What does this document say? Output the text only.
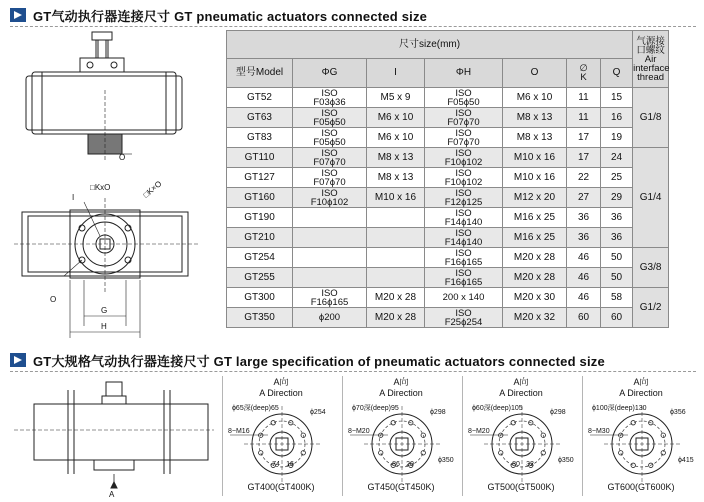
GT气动执行器连接尺寸 GT pneumatic actuators connected size
O
□KxO	□K×O
I
O
G
H
尺寸size(mm)							气源接
口螺纹
Air
interface
thread

型号Model	ΦG	I	ΦH	O	∅
K	Q	
GT52	ISO
F03ϕ36	M5 x 9	ISO
F05ϕ50	M6 x 10	11	15	G1/8
GT63	ISO
F05ϕ50	M6 x 10	ISO
F07ϕ70	M8 x 13	11	16	
GT83	ISO
F05ϕ50	M6 x 10	ISO
F07ϕ70	M8 x 13	17	19	
GT110	ISO
F07ϕ70	M8 x 13	ISO
F10ϕ102	M10 x 16	17	24	G1/4
GT127	ISO
F07ϕ70	M8 x 13	ISO
F10ϕ102	M10 x 16	22	25	
GT160	ISO
F10ϕ102	M10 x 16	ISO
F12ϕ125	M12 x 20	27	29	
GT190			ISO
F14ϕ140	M16 x 25	36	36	
GT210			ISO
F14ϕ140	M16 x 25	36	36	
GT254			ISO
F16ϕ165	M20 x 28	46	50	G3/8
GT255			ISO
F16ϕ165	M20 x 28	46	50	
GT300	ISO
F16ϕ165	M20 x 28	200 x 140	M20 x 30	46	58	G1/2
GT350	ϕ200	M20 x 28	ISO
F25ϕ254	M20 x 32	60	60	
GT大规格气动执行器连接尺寸 GT large specification of pneumatic actuators connected size
A
A向
A Direction
GT400(GT400K)
ϕ65深(deep)65
ϕ254
8−M16
74 16
A向
A Direction
GT450(GT450K)
ϕ70深(deep)95
ϕ298
8−M20
86 20
ϕ350
A向
A Direction
GT500(GT500K)
ϕ60深(deep)105
ϕ298
8−M20
80 32
ϕ350
A向
A Direction
GT600(GT600K)
ϕ100深(deep)130
ϕ356
8−M30
ϕ415
